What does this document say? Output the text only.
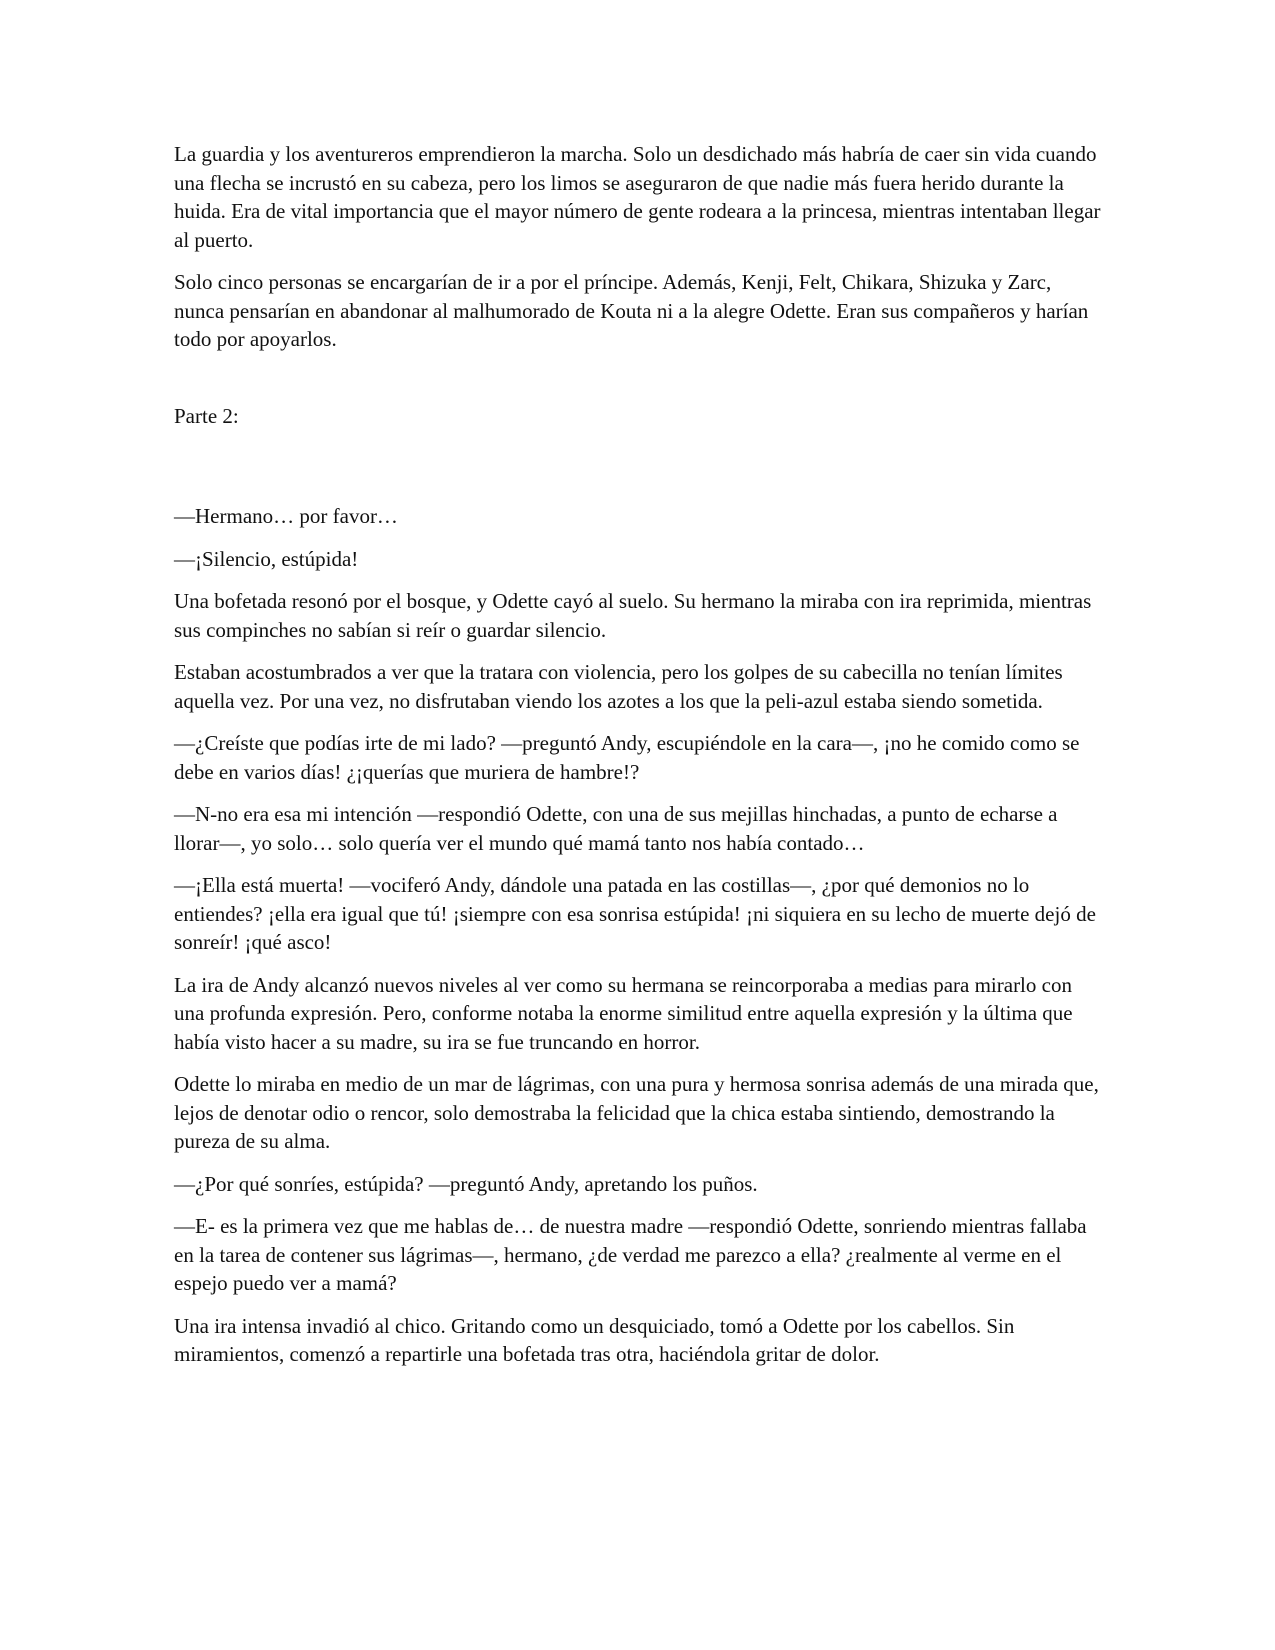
La guardia y los aventureros emprendieron la marcha. Solo un desdichado más habría de caer sin vida cuando una flecha se incrustó en su cabeza, pero los limos se aseguraron de que nadie más fuera herido durante la huida. Era de vital importancia que el mayor número de gente rodeara a la princesa, mientras intentaban llegar al puerto.

Solo cinco personas se encargarían de ir a por el príncipe. Además, Kenji, Felt, Chikara, Shizuka y Zarc, nunca pensarían en abandonar al malhumorado de Kouta ni a la alegre Odette. Eran sus compañeros y harían todo por apoyarlos.

Parte 2:

—Hermano… por favor…

—¡Silencio, estúpida!

Una bofetada resonó por el bosque, y Odette cayó al suelo. Su hermano la miraba con ira reprimida, mientras sus compinches no sabían si reír o guardar silencio.

Estaban acostumbrados a ver que la tratara con violencia, pero los golpes de su cabecilla no tenían límites aquella vez. Por una vez, no disfrutaban viendo los azotes a los que la peli-azul estaba siendo sometida.

—¿Creíste que podías irte de mi lado? —preguntó Andy, escupiéndole en la cara—, ¡no he comido como se debe en varios días! ¿¡querías que muriera de hambre!?

—N-no era esa mi intención —respondió Odette, con una de sus mejillas hinchadas, a punto de echarse a llorar—, yo solo… solo quería ver el mundo qué mamá tanto nos había contado…

—¡Ella está muerta! —vociferó Andy, dándole una patada en las costillas—, ¿por qué demonios no lo entiendes? ¡ella era igual que tú! ¡siempre con esa sonrisa estúpida! ¡ni siquiera en su lecho de muerte dejó de sonreír! ¡qué asco!

La ira de Andy alcanzó nuevos niveles al ver como su hermana se reincorporaba a medias para mirarlo con una profunda expresión. Pero, conforme notaba la enorme similitud entre aquella expresión y la última que había visto hacer a su madre, su ira se fue truncando en horror.

Odette lo miraba en medio de un mar de lágrimas, con una pura y hermosa sonrisa además de una mirada que, lejos de denotar odio o rencor, solo demostraba la felicidad que la chica estaba sintiendo, demostrando la pureza de su alma.

—¿Por qué sonríes, estúpida? —preguntó Andy, apretando los puños.

—E- es la primera vez que me hablas de… de nuestra madre —respondió Odette, sonriendo mientras fallaba en la tarea de contener sus lágrimas—, hermano, ¿de verdad me parezco a ella? ¿realmente al verme en el espejo puedo ver a mamá?

Una ira intensa invadió al chico. Gritando como un desquiciado, tomó a Odette por los cabellos. Sin miramientos, comenzó a repartirle una bofetada tras otra, haciéndola gritar de dolor.
